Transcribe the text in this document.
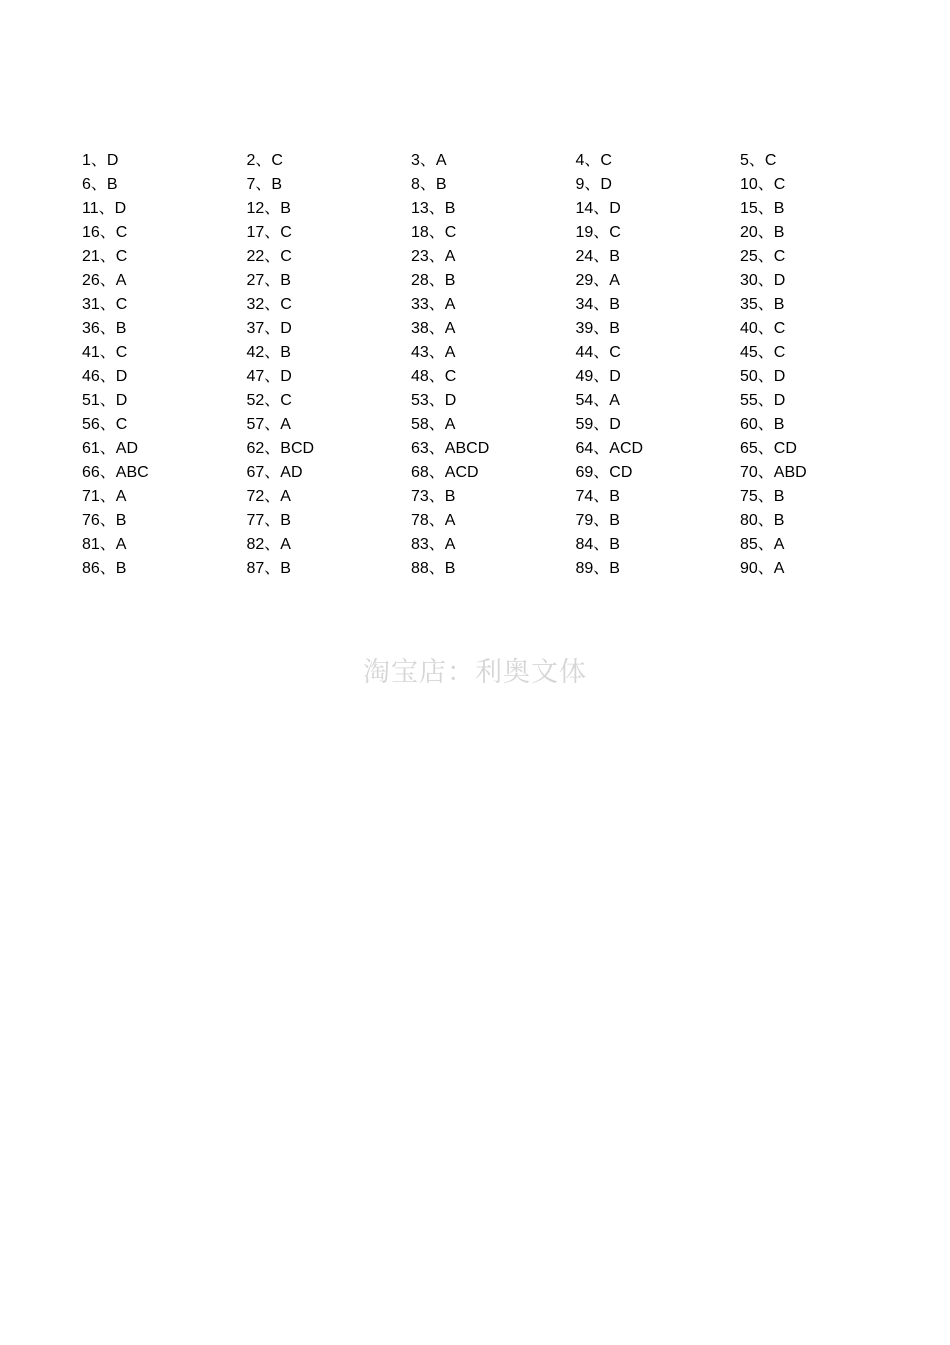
1、D	2、C	3、A	4、C	5、C
6、B	7、B	8、B	9、D	10、C
11、D	12、B	13、B	14、D	15、B
16、C	17、C	18、C	19、C	20、B
21、C	22、C	23、A	24、B	25、C
26、A	27、B	28、B	29、A	30、D
31、C	32、C	33、A	34、B	35、B
36、B	37、D	38、A	39、B	40、C
41、C	42、B	43、A	44、C	45、C
46、D	47、D	48、C	49、D	50、D
51、D	52、C	53、D	54、A	55、D
56、C	57、A	58、A	59、D	60、B
61、AD	62、BCD	63、ABCD	64、ACD	65、CD
66、ABC	67、AD	68、ACD	69、CD	70、ABD
71、A	72、A	73、B	74、B	75、B
76、B	77、B	78、A	79、B	80、B
81、A	82、A	83、A	84、B	85、A
86、B	87、B	88、B	89、B	90、A
淘宝店：利奥文体
